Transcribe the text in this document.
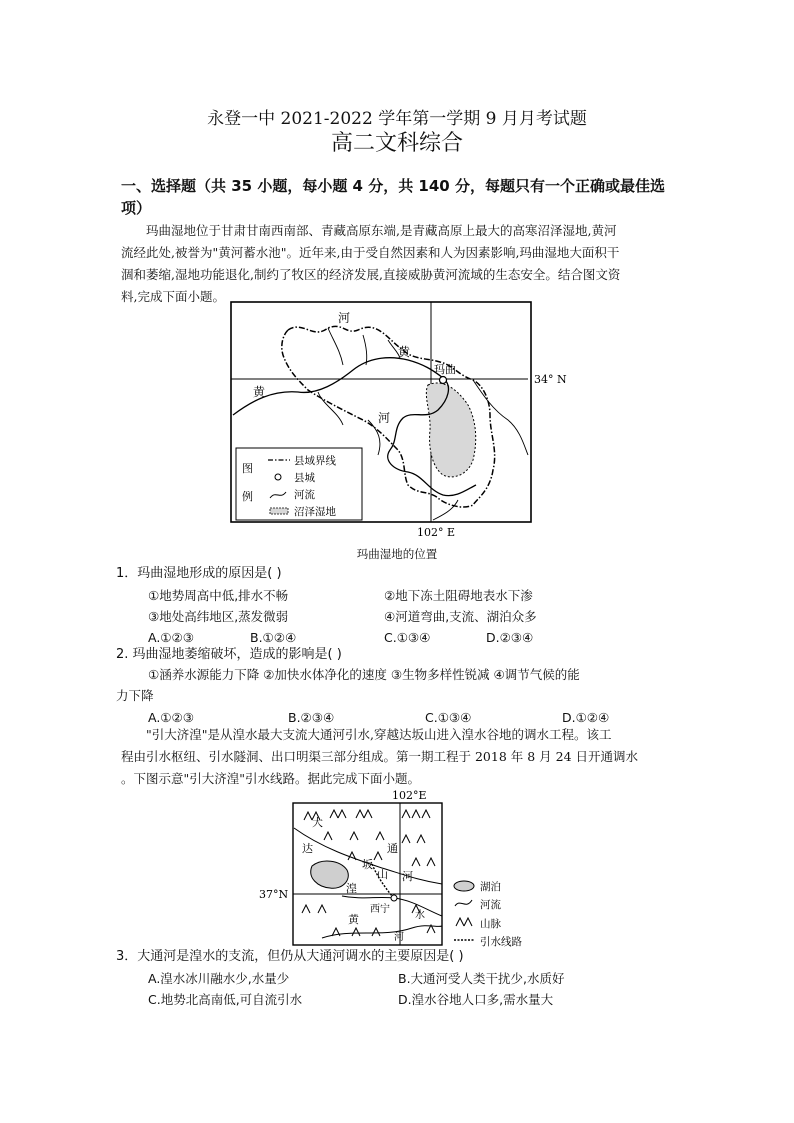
永登一中 2021-2022 学年第一学期 9 月月考试题
高二文科综合
一、选择题（共 35 小题，每小题 4 分，共 140 分，每题只有一个正确或最佳选
项）
玛曲湿地位于甘肃甘南西南部、青藏高原东端,是青藏高原上最大的高寒沼泽湿地,黄河
流经此处,被誉为"黄河蓄水池"。近年来,由于受自然因素和人为因素影响,玛曲湿地大面积干
涸和萎缩,湿地功能退化,制约了牧区的经济发展,直接威胁黄河流域的生态安全。结合图文资
料,完成下面小题。
玛曲
河
黄
黄
河
34° N
102° E
图
例
县域界线
县城
河流
沼泽湿地
玛曲湿地的位置
1．玛曲湿地形成的原因是( )
①地势周高中低,排水不畅	②地下冻土阻碍地表水下渗
③地处高纬地区,蒸发微弱	④河道弯曲,支流、湖泊众多
A.①②③	B.①②④	C.①③④	D.②③④
2. 玛曲湿地萎缩破坏，造成的影响是( )
①涵养水源能力下降 ②加快水体净化的速度 ③生物多样性锐减 ④调节气候的能
力下降
A.①②③	B.②③④	C.①③④	D.①②④
"引大济湟"是从湟水最大支流大通河引水,穿越达坂山进入湟水谷地的调水工程。该工
程由引水枢纽、引水隧洞、出口明渠三部分组成。第一期工程于 2018 年 8 月 24 日开通调水
。下图示意"引大济湟"引水线路。据此完成下面小题。
102°E
37°N
西宁
大
达
坂
山
通
河
湟
水
黄
河
湖泊
河流
山脉
引水线路
3．大通河是湟水的支流，但仍从大通河调水的主要原因是( )
A.湟水冰川融水少,水量少	B.大通河受人类干扰少,水质好
C.地势北高南低,可自流引水	D.湟水谷地人口多,需水量大
